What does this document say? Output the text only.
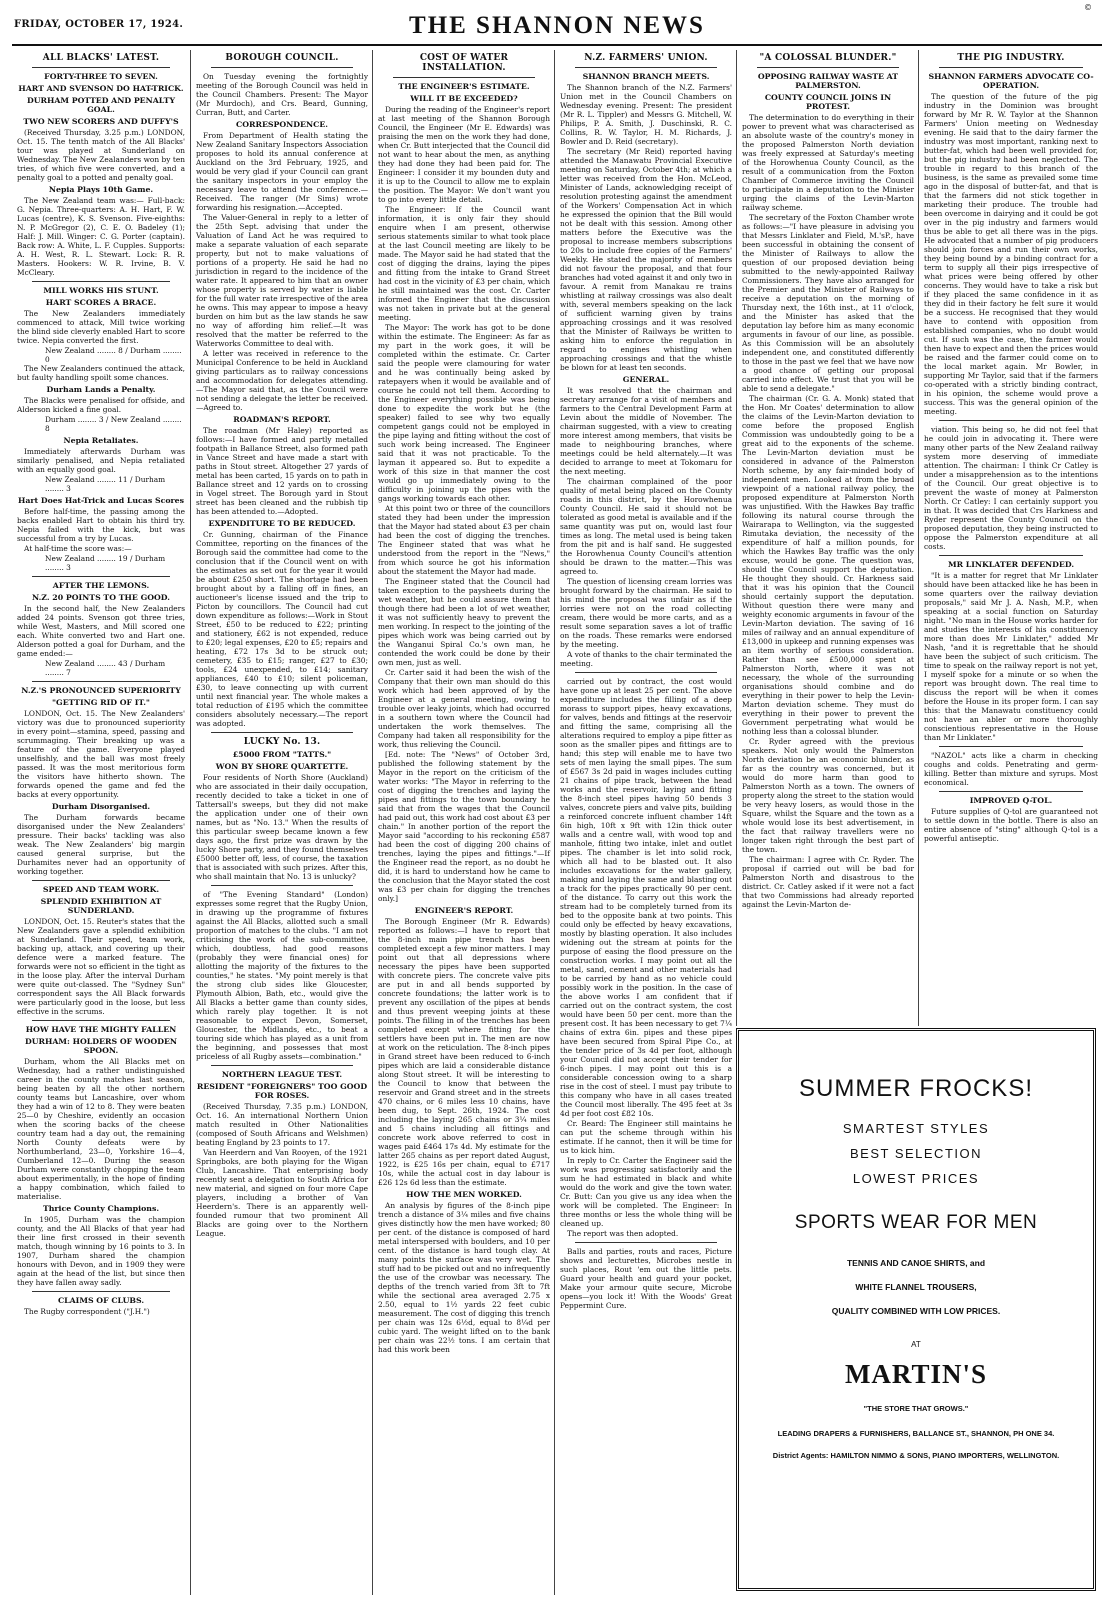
FRIDAY, OCTOBER 17, 1924.	THE SHANNON NEWS
©
ALL BLACKS' LATEST.
FORTY-THREE TO SEVEN.
HART AND SVENSON DO HAT-TRICK.
DURHAM POTTED AND PENALTY GOAL.
TWO NEW SCORERS AND DUFFY'S

(Received Thursday, 3.25 p.m.) LONDON, Oct. 15. The tenth match of the All Blacks' tour was played at Sunderland on Wednesday. The New Zealanders won by ten tries, of which five were converted, and a penalty goal to a potted and penalty goal.

Nepia Plays 10th Game.

The New Zealand team was:— Full-back: G. Nepia. Three-quarters: A. H. Hart, F. W. Lucas (centre), K. S. Svenson. Five-eighths: N. P. McGregor (2), C. E. O. Badeley (1); Half: J. Mill. Winger: C. G. Porter (captain). Back row: A. White, L. F. Cupples. Supports: A. H. West, R. L. Stewart. Lock: R. R. Masters. Hookers: W. R. Irvine, B. V. McCleary.

MILL WORKS HIS STUNT.
HART SCORES A BRACE.

The New Zealanders immediately commenced to attack, Mill twice working the blind side cleverly enabled Hart to score twice. Nepia converted the first.

New Zealand ........ 8 / Durham ........ 0

The New Zealanders continued the attack, but faulty handling spoilt some chances.

Durham Lands a Penalty.

The Blacks were penalised for offside, and Alderson kicked a fine goal.

Durham ........ 3 / New Zealand ........ 8
Nepia Retaliates.

Immediately afterwards Durham was similarly penalised, and Nepia retaliated with an equally good goal.

New Zealand ........ 11 / Durham ........ 3
Hart Does Hat-Trick and Lucas Scores

Before half-time, the passing among the backs enabled Hart to obtain his third try. Nepia failed with the kick, but was successful from a try by Lucas.

At half-time the score was:—

New Zealand ........ 19 / Durham ........ 3
AFTER THE LEMONS.
N.Z. 20 POINTS TO THE GOOD.

In the second half, the New Zealanders added 24 points. Svenson got three tries, while West, Masters, and Mill scored one each. White converted two and Hart one. Alderson potted a goal for Durham, and the game ended:—

New Zealand ........ 43 / Durham ........ 7
N.Z.'S PRONOUNCED SUPERIORITY
"GETTING RID OF IT."

LONDON, Oct. 15. The New Zealanders' victory was due to pronounced superiority in every point—stamina, speed, passing and scrummaging. Their breaking up was a feature of the game. Everyone played unselfishly, and the ball was most freely passed. It was the most meritorious form the visitors have hitherto shown. The forwards opened the game and fed the backs at every opportunity.

Durham Disorganised.

The Durham forwards became disorganised under the New Zealanders' pressure. Their backs' tackling was also weak. The New Zealanders' big margin caused general surprise, but the Durhamites never had an opportunity of working together.

SPEED AND TEAM WORK.
SPLENDID EXHIBITION AT SUNDERLAND.

LONDON, Oct. 15. Reuter's states that the New Zealanders gave a splendid exhibition at Sunderland. Their speed, team work, backing up, attack, and covering up their defence were a marked feature. The forwards were not so efficient in the tight as in the loose play. After the interval Durham were quite out-classed. The "Sydney Sun" correspondent says the All Black forwards were particularly good in the loose, but less effective in the scrums.

HOW HAVE THE MIGHTY FALLEN
DURHAM: HOLDERS OF WOODEN SPOON.

Durham, whom the All Blacks met on Wednesday, had a rather undistinguished career in the county matches last season, being beaten by all the other northern county teams but Lancashire, over whom they had a win of 12 to 8. They were beaten 25—0 by Cheshire, evidently an occasion when the scoring backs of the cheese country team had a day out, the remaining North County defeats were by Northumberland, 23—0, Yorkshire 16—4, Cumberland 12—0. During the season Durham were constantly chopping the team about experimentally, in the hope of finding a happy combination, which failed to materialise.

Thrice County Champions.

In 1905, Durham was the champion county, and the All Blacks of that year had their line first crossed in their seventh match, though winning by 16 points to 3. In 1907, Durham shared the champion honours with Devon, and in 1909 they were again at the head of the list, but since then they have fallen away sadly.

CLAIMS OF CLUBS.

The Rugby correspondent ("J.H.")

BOROUGH COUNCIL.

On Tuesday evening the fortnightly meeting of the Borough Council was held in the Council Chambers. Present: The Mayor (Mr Murdoch), and Crs. Beard, Gunning, Curran, Butt, and Carter.

CORRESPONDENCE.

From Department of Health stating the New Zealand Sanitary Inspectors Association proposes to hold its annual conference at Auckland on the 3rd February, 1925, and would be very glad if your Council can grant the sanitary inspectors in your employ the necessary leave to attend the conference.—Received. The ranger (Mr Sims) wrote forwarding his resignation.—Accepted.

The Valuer-General in reply to a letter of the 25th Sept. advising that under the Valuation of Land Act he was required to make a separate valuation of each separate property, but not to make valuations of portions of a property. He said he had no jurisdiction in regard to the incidence of the water rate. It appeared to him that an owner whose property is served by water is liable for the full water rate irrespective of the area he owns. This may appear to impose a heavy burden on him but as the law stands he saw no way of affording him relief.—It was resolved that the matter be referred to the Waterworks Committee to deal with.

A letter was received in reference to the Municipal Conference to be held in Auckland giving particulars as to railway concessions and accommodation for delegates attending.—The Mayor said that, as the Council were not sending a delegate the letter be received.—Agreed to.

ROADMAN'S REPORT.

The roadman (Mr Haley) reported as follows:—I have formed and partly metalled footpath in Ballance Street, also formed path in Vance Street and have made a start with paths in Stout street. Altogether 27 yards of metal has been carted, 15 yards on to path in Ballance street and 12 yards on to crossing in Vogel street. The Borough yard in Stout street has been cleaned and the rubbish tip has been attended to.—Adopted.

EXPENDITURE TO BE REDUCED.

Cr. Gunning, chairman of the Finance Committee, reporting on the finances of the Borough said the committee had come to the conclusion that if the Council went on with the estimates as set out for the year it would be about £250 short. The shortage had been brought about by a falling off in fines, an auctioneer's license issued and the trip to Picton by councillors. The Council had cut down expenditure as follows:—Work in Stout Street, £50 to be reduced to £22; printing and stationery, £62 is not expended, reduce to £20; legal expenses, £20 to £5; repairs and heating, £72 17s 3d to be struck out; cemetery, £35 to £15; ranger, £27 to £30; tools, £24 unexpended, to £14; sanitary appliances, £40 to £10; silent policeman, £30, to leave connecting up with current until next financial year. The whole makes a total reduction of £195 which the committee considers absolutely necessary.—The report was adopted.

LUCKY No. 13.
£5000 FROM "TATTS."
WON BY SHORE QUARTETTE.

Four residents of North Shore (Auckland) who are associated in their daily occupation, recently decided to take a ticket in one of Tattersall's sweeps, but they did not make the application under one of their own names, but as "No. 13." When the results of this particular sweep became known a few days ago, the first prize was drawn by the lucky Shore party, and they found themselves £5000 better off, less, of course, the taxation that is associated with such prizes. After this, who shall maintain that No. 13 is unlucky?

of "The Evening Standard" (London) expresses some regret that the Rugby Union, in drawing up the programme of fixtures against the All Blacks, allotted such a small proportion of matches to the clubs. "I am not criticising the work of the sub-committee, which, doubtless, had good reasons (probably they were financial ones) for allotting the majority of the fixtures to the counties," he states. "My point merely is that the strong club sides like Gloucester, Plymouth Albion, Bath, etc., would give the All Blacks a better game than county sides, which rarely play together. It is not reasonable to expect Devon, Somerset, Gloucester, the Midlands, etc., to beat a touring side which has played as a unit from the beginning, and possesses that most priceless of all Rugby assets—combination."

NORTHERN LEAGUE TEST.
RESIDENT "FOREIGNERS" TOO GOOD FOR ROSES.

(Received Thursday, 7.35 p.m.) LONDON, Oct. 16. An international Northern Union match resulted in Other Nationalities (composed of South Africans and Welshmen) beating England by 23 points to 17.

Van Heerdern and Van Rooyen, of the 1921 Springboks, are both playing for the Wigan Club, Lancashire. That enterprising body recently sent a delegation to South Africa for new material, and signed on four more Cape players, including a brother of Van Heerdern's. There is an apparently well-founded rumour that two prominent All Blacks are going over to the Northern League.

COST OF WATER INSTALLATION.
THE ENGINEER'S ESTIMATE.
WILL IT BE EXCEEDED?

During the reading of the Engineer's report at last meeting of the Shannon Borough Council, the Engineer (Mr E. Edwards) was praising the men on the work they had done, when Cr. Butt interjected that the Council did not want to hear about the men, as anything they had done they had been paid for. The Engineer: I consider it my bounden duty and it is up to the Council to allow me to explain the position. The Mayor: We don't want you to go into every little detail.

The Engineer: If the Council want information, it is only fair they should enquire when I am present, otherwise serious statements similar to what took place at the last Council meeting are likely to be made. The Mayor said he had stated that the cost of digging the drains, laying the pipes and fitting from the intake to Grand Street had cost in the vicinity of £3 per chain, which he still maintained was the cost. Cr. Carter informed the Engineer that the discussion was not taken in private but at the general meeting.

The Mayor: The work has got to be done within the estimate. The Engineer: As far as my part in the work goes, it will be completed within the estimate. Cr. Carter said the people were clamouring for water and he was continually being asked by ratepayers when it would be available and of course he could not tell them. According to the Engineer everything possible was being done to expedite the work but he (the speaker) failed to see why two equally competent gangs could not be employed in the pipe laying and fitting without the cost of such work being increased. The Engineer said that it was not practicable. To the layman it appeared so. But to expedite a work of this size in that manner the cost would go up immediately owing to the difficulty in joining up the pipes with the gangs working towards each other.

At this point two or three of the councillors stated they had been under the impression that the Mayor had stated about £3 per chain had been the cost of digging the trenches. The Engineer stated that was what he understood from the report in the "News," from which source he got his information about the statement the Mayor had made.

The Engineer stated that the Council had taken exception to the paysheets during the wet weather, but he could assure them that though there had been a lot of wet weather, it was not sufficiently heavy to prevent the men working. In respect to the jointing of the pipes which work was being carried out by the Wanganui Spiral Co.'s own man, he contended the work could be done by their own men, just as well.

Cr. Carter said it had been the wish of the Company that their own man should do this work which had been approved of by the Engineer at a general meeting, owing to trouble over leaky joints, which had occurred in a southern town where the Council had undertaken the work themselves. The Company had taken all responsibility for the work, thus relieving the Council.

[Ed. note: The "News" of October 3rd, published the following statement by the Mayor in the report on the criticism of the water works: "The Mayor in referring to the cost of digging the trenches and laying the pipes and fittings to the town boundary he said that from the wages that the Council had paid out, this work had cost about £3 per chain." In another portion of the report the Mayor said "according to his reckoning £587 had been the cost of digging 200 chains of trenches, laying the pipes and fittings."—If the Engineer read the report, as no doubt he did, it is hard to understand how he came to the conclusion that the Mayor stated the cost was £3 per chain for digging the trenches only.]

ENGINEER'S REPORT.

The Borough Engineer (Mr R. Edwards) reported as follows:—I have to report that the 8-inch main pipe trench has been completed except a few minor matters. I may point out that all depressions where necessary the pipes have been supported with concrete piers. The concrete valve pits are put in and all bends supported by concrete foundations; the latter work is to prevent any oscillation of the pipes at bends and thus prevent weeping joints at these points. The filling in of the trenches has been completed except where fitting for the settlers have been put in. The men are now at work on the reticulation. The 8-inch pipes in Grand street have been reduced to 6-inch pipes which are laid a considerable distance along Stout street. It will be interesting to the Council to know that between the reservoir and Grand street and in the streets 470 chains, or 6 miles less 10 chains, have been dug, to Sept. 26th, 1924. The cost including the laying 265 chains or 3¼ miles and 5 chains including all fittings and concrete work above referred to cost in wages paid £464 17s 4d. My estimate for the latter 265 chains as per report dated August, 1922, is £25 16s per chain, equal to £717 10s, while the actual cost in day labour is £26 12s 6d less than the estimate.

HOW THE MEN WORKED.

An analysis by figures of the 8-inch pipe trench a distance of 3¼ miles and five chains gives distinctly how the men have worked; 80 per cent. of the distance is composed of hard metal interspersed with boulders, and 10 per cent. of the distance is hard tough clay. At many points the surface was very wet. The stuff had to be picked out and no infrequently the use of the crowbar was necessary. The depths of the trench varied from 3ft to 7ft while the sectional area averaged 2.75 x 2.50, equal to 1½ yards 22 feet cubic measurement. The cost of digging this trench per chain was 12s 6½d, equal to 8¼d per cubic yard. The weight lifted on to the bank per chain was 22½ tons. I am certain that had this work been

N.Z. FARMERS' UNION.
SHANNON BRANCH MEETS.

The Shannon branch of the N.Z. Farmers' Union met in the Council Chambers on Wednesday evening. Present: The president (Mr R. L. Tippler) and Messrs G. Mitchell, W. Philips, P. A. Smith, J. Duschinski, R. C. Collins, R. W. Taylor, H. M. Richards, J. Bowler and D. Reid (secretary).

The secretary (Mr Reid) reported having attended the Manawatu Provincial Executive meeting on Saturday, October 4th; at which a letter was received from the Hon. McLeod, Minister of Lands, acknowledging receipt of resolution protesting against the amendment of the Workers' Compensation Act in which he expressed the opinion that the Bill would not be dealt with this session. Among other matters before the Executive was the proposal to increase members subscriptions to 20s to include free copies of the Farmers' Weekly. He stated the majority of members did not favour the proposal, and that four branches had voted against it and only two in favour. A remit from Manakau re trains whistling at railway crossings was also dealt with, several members speaking on the lack of sufficient warning given by trains approaching crossings and it was resolved that the Minister of Railways be written to asking him to enforce the regulation in regard to engines whistling when approaching crossings and that the whistle be blown for at least ten seconds.

GENERAL.

It was resolved that the chairman and secretary arrange for a visit of members and farmers to the Central Development Farm at Levin about the middle of November. The chairman suggested, with a view to creating more interest among members, that visits be made to neighbouring branches, where meetings could be held alternately.—It was decided to arrange to meet at Tokomaru for the next meeting.

The chairman complained of the poor quality of metal being placed on the County roads in this district, by the Horowhenua County Council. He said it should not be tolerated as good metal is available and if the same quantity was put on, would last four times as long. The metal used is being taken from the pit and is half sand. He suggested the Horowhenua County Council's attention should be drawn to the matter.—This was agreed to.

The question of licensing cream lorries was brought forward by the chairman. He said to his mind the proposal was unfair as if the lorries were not on the road collecting cream, there would be more carts, and as a result some separation saves a lot of traffic on the roads. These remarks were endorsed by the meeting.

A vote of thanks to the chair terminated the meeting.

carried out by contract, the cost would have gone up at least 25 per cent. The above expenditure includes the filling of a deep morass to support pipes, heavy excavations, for valves, bends and fittings at the reservoir and fitting the same, comprising all the alterations required to employ a pipe fitter as soon as the smaller pipes and fittings are to hand; this step will enable me to have two sets of men laying the small pipes. The sum of £567 3s 2d paid in wages includes cutting 21 chains of pipe track, between the head works and the reservoir, laying and fitting the 8-inch steel pipes having 50 bends 3 valves, concrete piers and valve pits, building a reinforced concrete influent chamber 14ft 6in high, 10ft x 9ft with 12in thick outer walls and a centre wall, with wood top and manhole, fitting two intake, inlet and outlet pipes. The chamber is let into solid rock, which all had to be blasted out. It also includes excavations for the water gallery, making and laying the same and blasting out a track for the pipes practically 90 per cent. of the distance. To carry out this work the stream had to be completely turned from its bed to the opposite bank at two points. This could only be effected by heavy excavations, mostly by blasting operation. It also includes widening out the stream at points for the purpose of easing the flood pressure on the construction works. I may point out all the metal, sand, cement and other materials had to be carried by hand as no vehicle could possibly work in the position. In the case of the above works I am confident that if carried out on the contract system, the cost would have been 50 per cent. more than the present cost. It has been necessary to get 7¼ chains of extra 6in. pipes and these pipes have been secured from Spiral Pipe Co., at the tender price of 3s 4d per foot, although your Council did not accept their tender for 6-inch pipes. I may point out this is a considerable concession owing to a sharp rise in the cost of steel. I must pay tribute to this company who have in all cases treated the Council most liberally. The 495 feet at 3s 4d per foot cost £82 10s.

Cr. Beard: The Engineer still maintains he can put the scheme through within his estimate. If he cannot, then it will be time for us to kick him.

In reply to Cr. Carter the Engineer said the work was progressing satisfactorily and the sum he had estimated in black and white would do the work and give the town water. Cr. Butt: Can you give us any idea when the work will be completed. The Engineer: In three months or less the whole thing will be cleaned up.

The report was then adopted.

Balls and parties, routs and races, Picture shows and lecturettes, Microbes nestle in such places, Rout 'em out the little pets. Guard your health and guard your pocket, Make your armour quite secure, Microbe opens—you lock it! With the Woods' Great Peppermint Cure.

"A COLOSSAL BLUNDER."
OPPOSING RAILWAY WASTE AT PALMERSTON.
COUNTY COUNCIL JOINS IN PROTEST.

The determination to do everything in their power to prevent what was characterised as an absolute waste of the country's money in the proposed Palmerston North deviation was freely expressed at Saturday's meeting of the Horowhenua County Council, as the result of a communication from the Foxton Chamber of Commerce inviting the Council to participate in a deputation to the Minister urging the claims of the Levin-Marton railway scheme.

The secretary of the Foxton Chamber wrote as follows:—"I have pleasure in advising you that Messrs Linklater and Field, M.'sP., have been successful in obtaining the consent of the Minister of Railways to allow the question of our proposed deviation being submitted to the newly-appointed Railway Commissioners. They have also arranged for the Premier and the Minister of Railways to receive a deputation on the morning of Thursday next, the 16th inst., at 11 o'clock, and the Minister has asked that the deputation lay before him as many economic arguments in favour of our line, as possible. As this Commission will be an absolutely independent one, and constituted differently to those in the past we feel that we have now a good chance of getting our proposal carried into effect. We trust that you will be able to send a delegate."

The chairman (Cr. G. A. Monk) stated that the Hon. Mr Coates' determination to allow the claims of the Levin-Marton deviation to come before the proposed English Commission was undoubtedly going to be a great aid to the exponents of the scheme. The Levin-Marton deviation must be considered in advance of the Palmerston North scheme, by any fair-minded body of independent men. Looked at from the broad viewpoint of a national railway policy, the proposed expenditure at Palmerston North was unjustified. With the Hawkes Bay traffic following its natural course through the Wairarapa to Wellington, via the suggested Rimutaka deviation, the necessity of the expenditure of half a million pounds, for which the Hawkes Bay traffic was the only excuse, would be gone. The question was, should the Council support the deputation. He thought they should. Cr. Harkness said that it was his opinion that the Council should certainly support the deputation. Without question there were many and weighty economic arguments in favour of the Levin-Marton deviation. The saving of 16 miles of railway and an annual expenditure of £13,000 in upkeep and running expenses was an item worthy of serious consideration. Rather than see £500,000 spent at Palmerston North, where it was not necessary, the whole of the surrounding organisations should combine and do everything in their power to help the Levin-Marton deviation scheme. They must do everything in their power to prevent the Government perpetrating what would be nothing less than a colossal blunder.

Cr. Ryder agreed with the previous speakers. Not only would the Palmerston North deviation be an economic blunder, as far as the country was concerned, but it would do more harm than good to Palmerston North as a town. The owners of property along the street to the station would be very heavy losers, as would those in the Square, whilst the Square and the town as a whole would lose its best advertisement, in the fact that railway travellers were no longer taken right through the best part of the town.

The chairman: I agree with Cr. Ryder. The proposal if carried out will be bad for Palmerston North and disastrous to the district. Cr. Catley asked if it were not a fact that two Commissions had already reported against the Levin-Marton de-

THE PIG INDUSTRY.
SHANNON FARMERS ADVOCATE CO-OPERATION.

The question of the future of the pig industry in the Dominion was brought forward by Mr R. W. Taylor at the Shannon Farmers' Union meeting on Wednesday evening. He said that to the dairy farmer the industry was most important, ranking next to butter-fat, which had been well provided for, but the pig industry had been neglected. The trouble in regard to this branch of the business, is the same as prevailed some time ago in the disposal of butter-fat, and that is that the farmers did not stick together in marketing their produce. The trouble had been overcome in dairying and it could be got over in the pig industry and farmers would thus be able to get all there was in the pigs. He advocated that a number of pig producers should join forces and run their own works, they being bound by a binding contract for a term to supply all their pigs irrespective of what prices were being offered by other concerns. They would have to take a risk but if they placed the same confidence in it as they did in their factory he felt sure it would be a success. He recognised that they would have to contend with opposition from established companies, who no doubt would cut. If such was the case, the farmer would then have to expect and then the prices would be raised and the farmer could come on to the local market again. Mr Bowler, in supporting Mr Taylor, said that if the farmers co-operated with a strictly binding contract, in his opinion, the scheme would prove a success. This was the general opinion of the meeting.

viation. This being so, he did not feel that he could join in advocating it. There were many other parts of the New Zealand railway system more deserving of immediate attention. The chairman: I think Cr Catley is under a misapprehension as to the intentions of the Council. Our great objective is to prevent the waste of money at Palmerston North. Cr Catley: I can certainly support you in that. It was decided that Crs Harkness and Ryder represent the County Council on the proposed deputation, they being instructed to oppose the Palmerston expenditure at all costs.

MR LINKLATER DEFENDED.

"It is a matter for regret that Mr Linklater should have been attacked like he has been in some quarters over the railway deviation proposals," said Mr J. A. Nash, M.P., when speaking at a social function on Saturday night. "No man in the House works harder for and studies the interests of his constituency more than does Mr Linklater," added Mr Nash, "and it is regrettable that he should have been the subject of such criticism. The time to speak on the railway report is not yet, I myself spoke for a minute or so when the report was brought down. The real time to discuss the report will be when it comes before the House in its proper form. I can say this: that the Manawatu constituency could not have an abler or more thoroughly conscientious representative in the House than Mr Linklater."

"NAZOL" acts like a charm in checking coughs and colds. Penetrating and germ-killing. Better than mixture and syrups. Most economical.

IMPROVED Q-TOL.

Future supplies of Q-tol are guaranteed not to settle down in the bottle. There is also an entire absence of "sting" although Q-tol is a powerful antiseptic.

SUMMER FROCKS!
SMARTEST STYLES
BEST SELECTION
LOWEST PRICES
SPORTS WEAR FOR MEN
TENNIS AND CANOE SHIRTS, and
WHITE FLANNEL TROUSERS,
QUALITY COMBINED WITH LOW PRICES.
AT
MARTIN'S
"THE STORE THAT GROWS."
LEADING DRAPERS & FURNISHERS, BALLANCE ST., SHANNON, PH ONE 34.
District Agents: HAMILTON NIMMO & SONS, PIANO IMPORTERS, WELLINGTON.
